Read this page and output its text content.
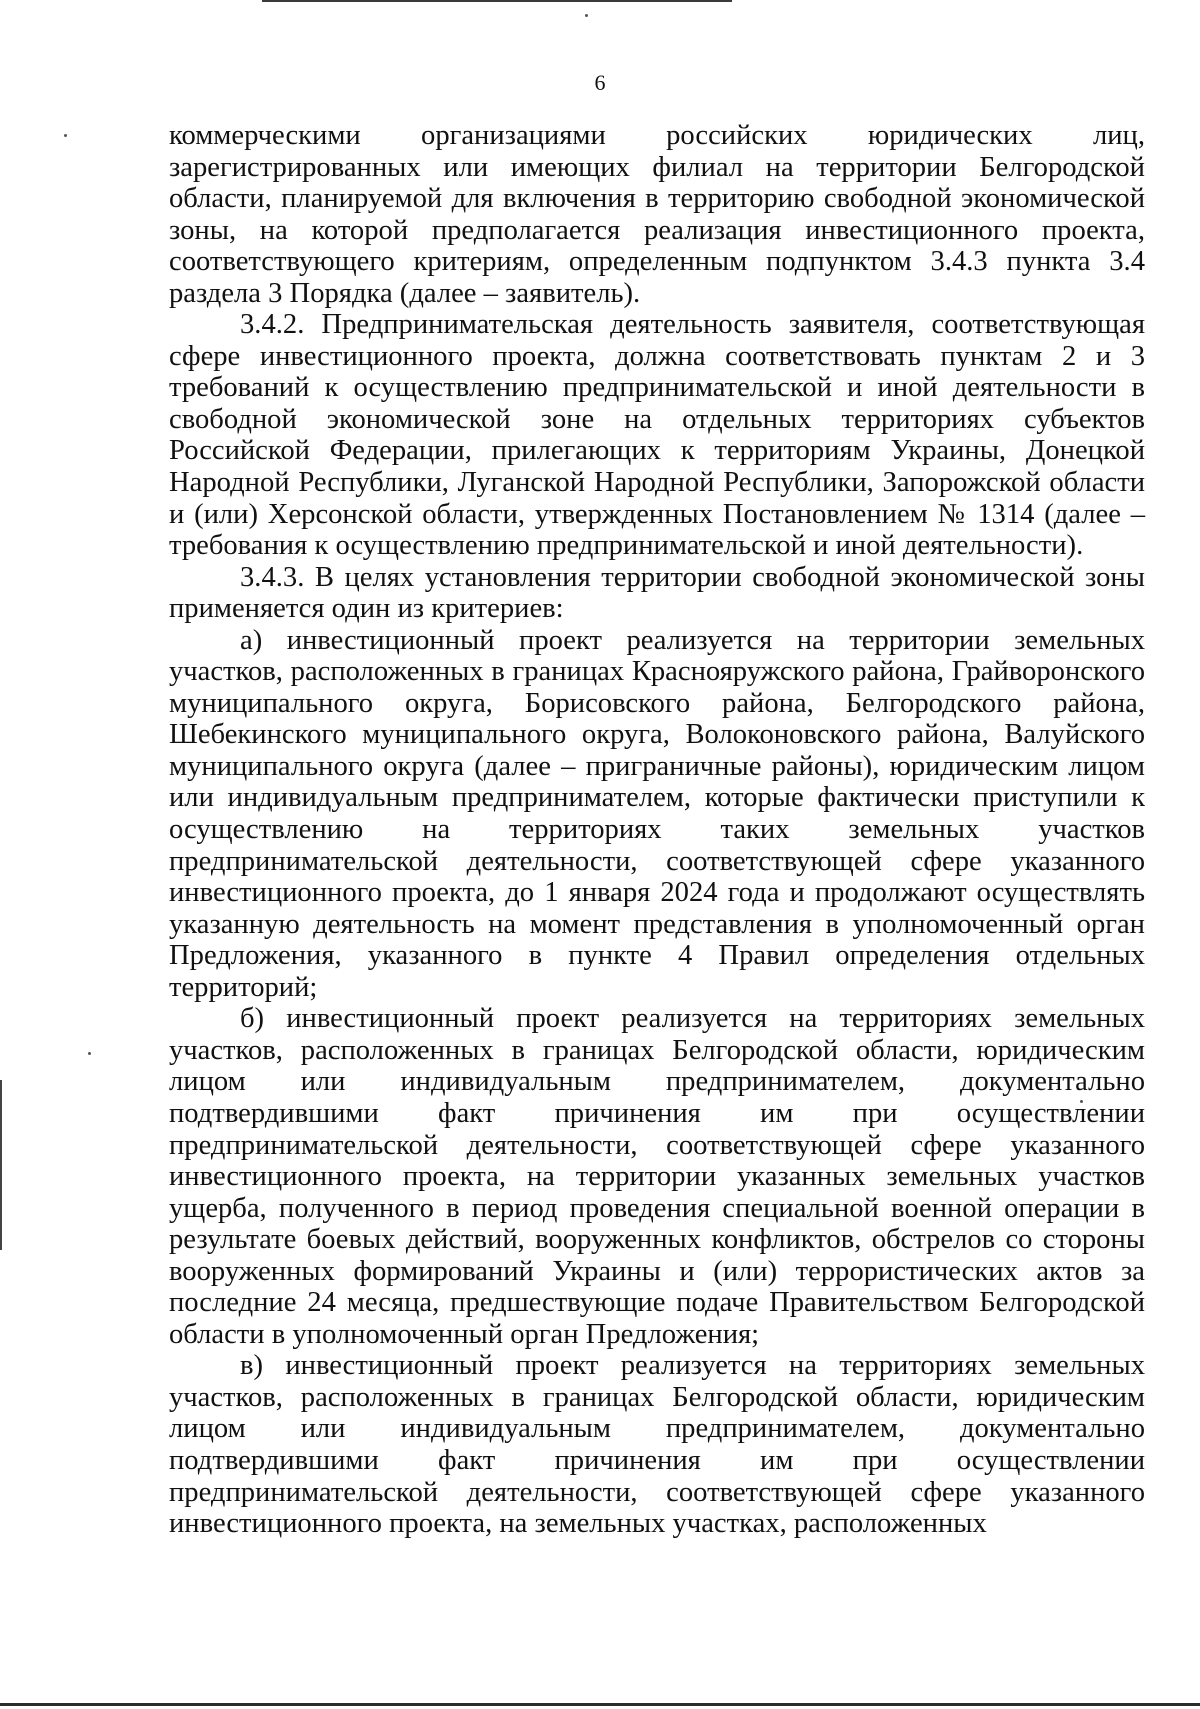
6

коммерческими организациями российских юридических лиц, зарегистрированных или имеющих филиал на территории Белгородской области, планируемой для включения в территорию свободной экономической зоны, на которой предполагается реализация инвестиционного проекта, соответствующего критериям, определенным подпунктом 3.4.3 пункта 3.4 раздела 3 Порядка (далее – заявитель).

3.4.2. Предпринимательская деятельность заявителя, соответствующая сфере инвестиционного проекта, должна соответствовать пунктам 2 и 3 требований к осуществлению предпринимательской и иной деятельности в свободной экономической зоне на отдельных территориях субъектов Российской Федерации, прилегающих к территориям Украины, Донецкой Народной Республики, Луганской Народной Республики, Запорожской области и (или) Херсонской области, утвержденных Постановлением № 1314 (далее – требования к осуществлению предпринимательской и иной деятельности).

3.4.3. В целях установления территории свободной экономической зоны применяется один из критериев:

а) инвестиционный проект реализуется на территории земельных участков, расположенных в границах Краснояружского района, Грайворонского муниципального округа, Борисовского района, Белгородского района, Шебекинского муниципального округа, Волоконовского района, Валуйского муниципального округа (далее – приграничные районы), юридическим лицом или индивидуальным предпринимателем, которые фактически приступили к осуществлению на территориях таких земельных участков предпринимательской деятельности, соответствующей сфере указанного инвестиционного проекта, до 1 января 2024 года и продолжают осуществлять указанную деятельность на момент представления в уполномоченный орган Предложения, указанного в пункте 4 Правил определения отдельных территорий;

б) инвестиционный проект реализуется на территориях земельных участков, расположенных в границах Белгородской области, юридическим лицом или индивидуальным предпринимателем, документально подтвердившими факт причинения им при осуществлении предпринимательской деятельности, соответствующей сфере указанного инвестиционного проекта, на территории указанных земельных участков ущерба, полученного в период проведения специальной военной операции в результате боевых действий, вооруженных конфликтов, обстрелов со стороны вооруженных формирований Украины и (или) террористических актов за последние 24 месяца, предшествующие подаче Правительством Белгородской области в уполномоченный орган Предложения;

в) инвестиционный проект реализуется на территориях земельных участков, расположенных в границах Белгородской области, юридическим лицом или индивидуальным предпринимателем, документально подтвердившими факт причинения им при осуществлении предпринимательской деятельности, соответствующей сфере указанного инвестиционного проекта, на земельных участках, расположенных
